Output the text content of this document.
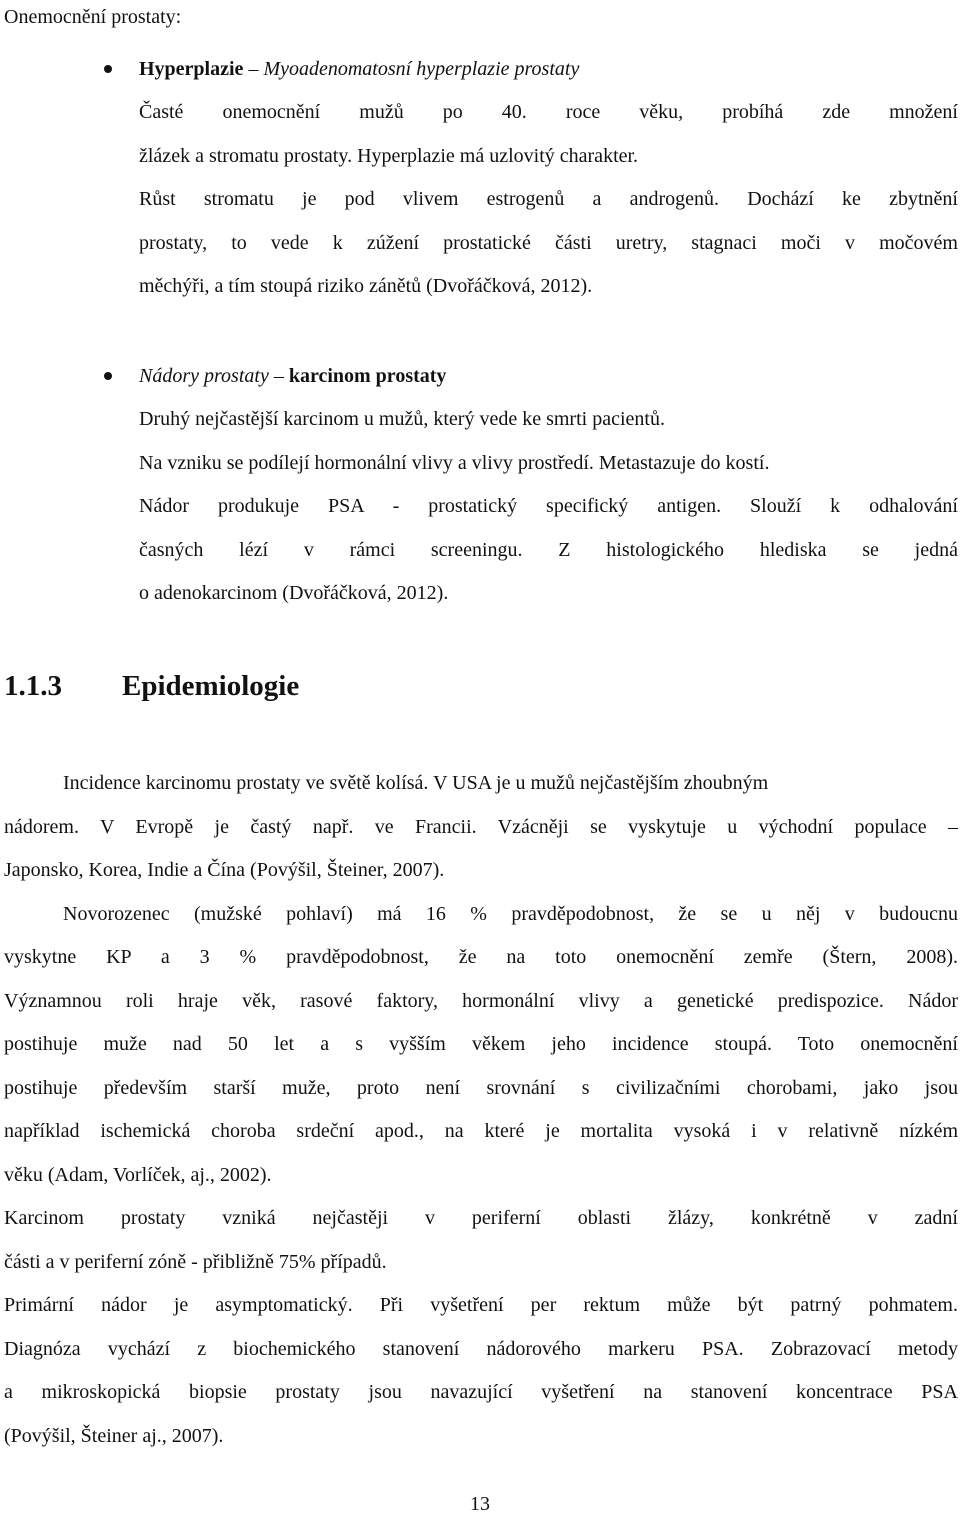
Onemocnění prostaty:
Hyperplazie – Myoadenomatosní hyperplazie prostaty
Časté onemocnění mužů po 40. roce věku, probíhá zde množení
žlázek a stromatu prostaty. Hyperplazie má uzlovitý charakter.
Růst stromatu je pod vlivem estrogenů a androgenů. Dochází ke zbytnění
prostaty, to vede k zúžení prostatické části uretry, stagnaci moči v močovém
měchýři, a tím stoupá riziko zánětů (Dvořáčková, 2012).
Nádory prostaty – karcinom prostaty
Druhý nejčastější karcinom u mužů, který vede ke smrti pacientů.
Na vzniku se podílejí hormonální vlivy a vlivy prostředí. Metastazuje do kostí.
Nádor produkuje PSA - prostatický specifický antigen. Slouží k odhalování
časných lézí v rámci screeningu. Z histologického hlediska se jedná
o adenokarcinom (Dvořáčková, 2012).
1.1.3 Epidemiologie
Incidence karcinomu prostaty ve světě kolísá. V USA je u mužů nejčastějším zhoubným
nádorem. V Evropě je častý např. ve Francii. Vzácněji se vyskytuje u východní populace –
Japonsko, Korea, Indie a Čína (Povýšil, Šteiner, 2007).
Novorozenec (mužské pohlaví) má 16 % pravděpodobnost, že se u něj v budoucnu
vyskytne KP a 3 % pravděpodobnost, že na toto onemocnění zemře (Štern, 2008).
Významnou roli hraje věk, rasové faktory, hormonální vlivy a genetické predispozice. Nádor
postihuje muže nad 50 let a s vyšším věkem jeho incidence stoupá. Toto onemocnění
postihuje především starší muže, proto není srovnání s civilizačními chorobami, jako jsou
například ischemická choroba srdeční apod., na které je mortalita vysoká i v relativně nízkém
věku (Adam, Vorlíček, aj., 2002).
Karcinom prostaty vzniká nejčastěji v periferní oblasti žlázy, konkrétně v zadní
části a v periferní zóně - přibližně 75% případů.
Primární nádor je asymptomatický. Při vyšetření per rektum může být patrný pohmatem.
Diagnóza vychází z biochemického stanovení nádorového markeru PSA. Zobrazovací metody
a mikroskopická biopsie prostaty jsou navazující vyšetření na stanovení koncentrace PSA
(Povýšil, Šteiner aj., 2007).
13
